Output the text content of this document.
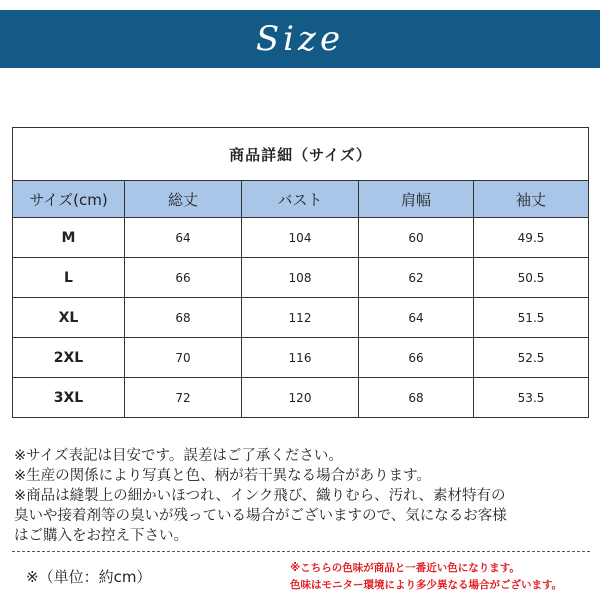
Size
商品詳細（サイズ）				
サイズ(cm)	総丈	バスト	肩幅	袖丈
M	64	104	60	49.5
L	66	108	62	50.5
XL	68	112	64	51.5
2XL	70	116	66	52.5
3XL	72	120	68	53.5

※サイズ表記は目安です。誤差はご了承ください。

※生産の関係により写真と色、柄が若干異なる場合があります。

※商品は縫製上の細かいほつれ、インク飛び、織りむら、汚れ、素材特有の

臭いや接着剤等の臭いが残っている場合がございますので、気になるお客様

はご購入をお控え下さい。

※（単位：約cm）	※こちらの色味が商品と一番近い色になります。

色味はモニター環境により多少異なる場合がございます。
